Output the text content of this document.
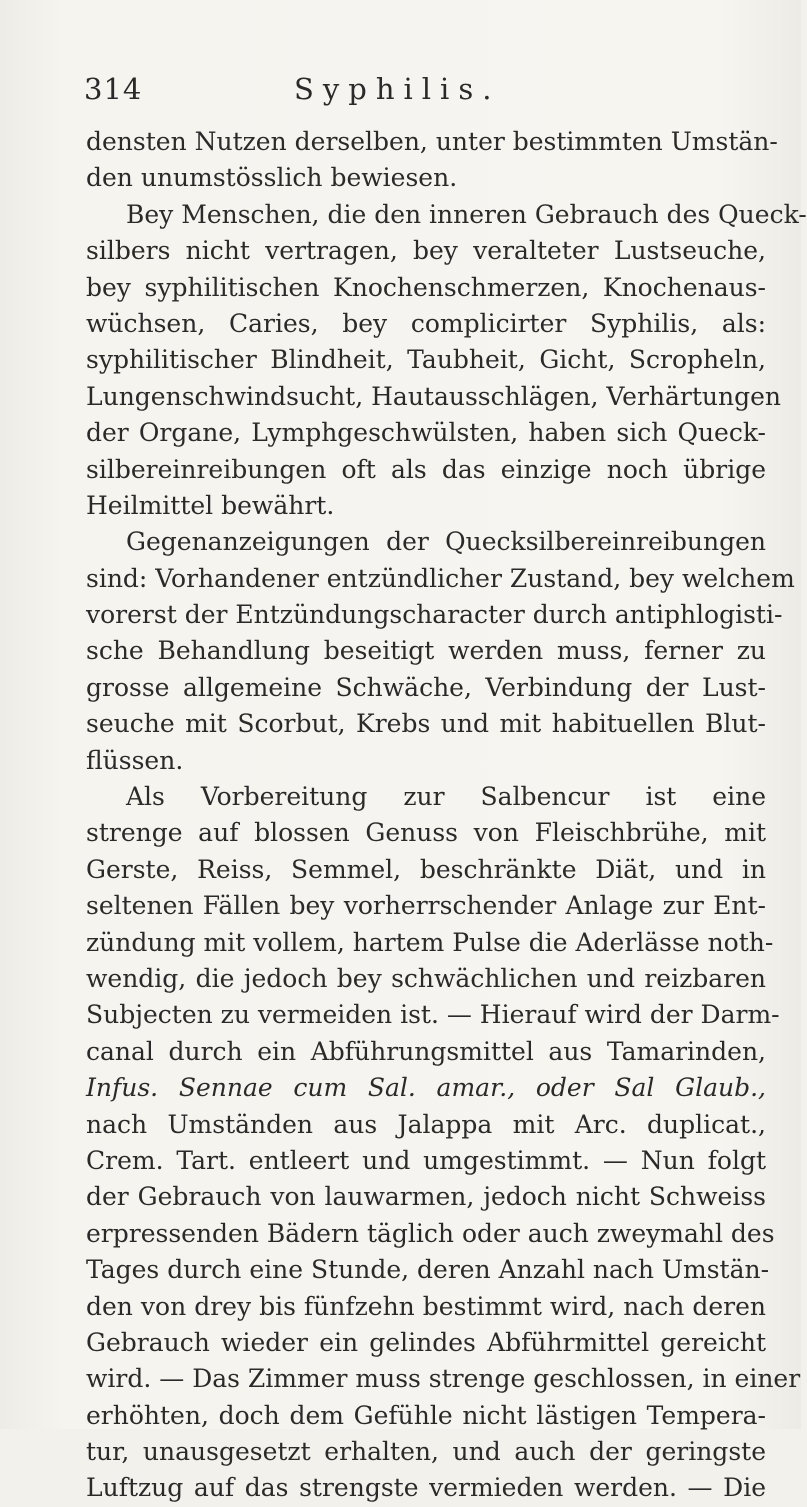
314	Syphilis.
densten Nutzen derselben, unter bestimmten Umstän-
den unumstösslich bewiesen.
Bey Menschen, die den inneren Gebrauch des Queck-
silbers nicht vertragen, bey veralteter Lustseuche,
bey syphilitischen Knochenschmerzen, Knochenaus-
wüchsen, Caries, bey complicirter Syphilis, als:
syphilitischer Blindheit, Taubheit, Gicht, Scropheln,
Lungenschwindsucht, Hautausschlägen, Verhärtungen
der Organe, Lymphgeschwülsten, haben sich Queck-
silbereinreibungen oft als das einzige noch übrige
Heilmittel bewährt.
Gegenanzeigungen der Quecksilbereinreibungen
sind: Vorhandener entzündlicher Zustand, bey welchem
vorerst der Entzündungscharacter durch antiphlogisti-
sche Behandlung beseitigt werden muss, ferner zu
grosse allgemeine Schwäche, Verbindung der Lust-
seuche mit Scorbut, Krebs und mit habituellen Blut-
flüssen.
Als Vorbereitung zur Salbencur ist eine
strenge auf blossen Genuss von Fleischbrühe, mit
Gerste, Reiss, Semmel, beschränkte Diät, und in
seltenen Fällen bey vorherrschender Anlage zur Ent-
zündung mit vollem, hartem Pulse die Aderlässe noth-
wendig, die jedoch bey schwächlichen und reizbaren
Subjecten zu vermeiden ist. — Hierauf wird der Darm-
canal durch ein Abführungsmittel aus Tamarinden,
Infus. Sennae cum Sal. amar., oder Sal Glaub.,
nach Umständen aus Jalappa mit Arc. duplicat.,
Crem. Tart. entleert und umgestimmt. — Nun folgt
der Gebrauch von lauwarmen, jedoch nicht Schweiss
erpressenden Bädern täglich oder auch zweymahl des
Tages durch eine Stunde, deren Anzahl nach Umstän-
den von drey bis fünfzehn bestimmt wird, nach deren
Gebrauch wieder ein gelindes Abführmittel gereicht
wird. — Das Zimmer muss strenge geschlossen, in einer
erhöhten, doch dem Gefühle nicht lästigen Tempera-
tur, unausgesetzt erhalten, und auch der geringste
Luftzug auf das strengste vermieden werden. — Die
